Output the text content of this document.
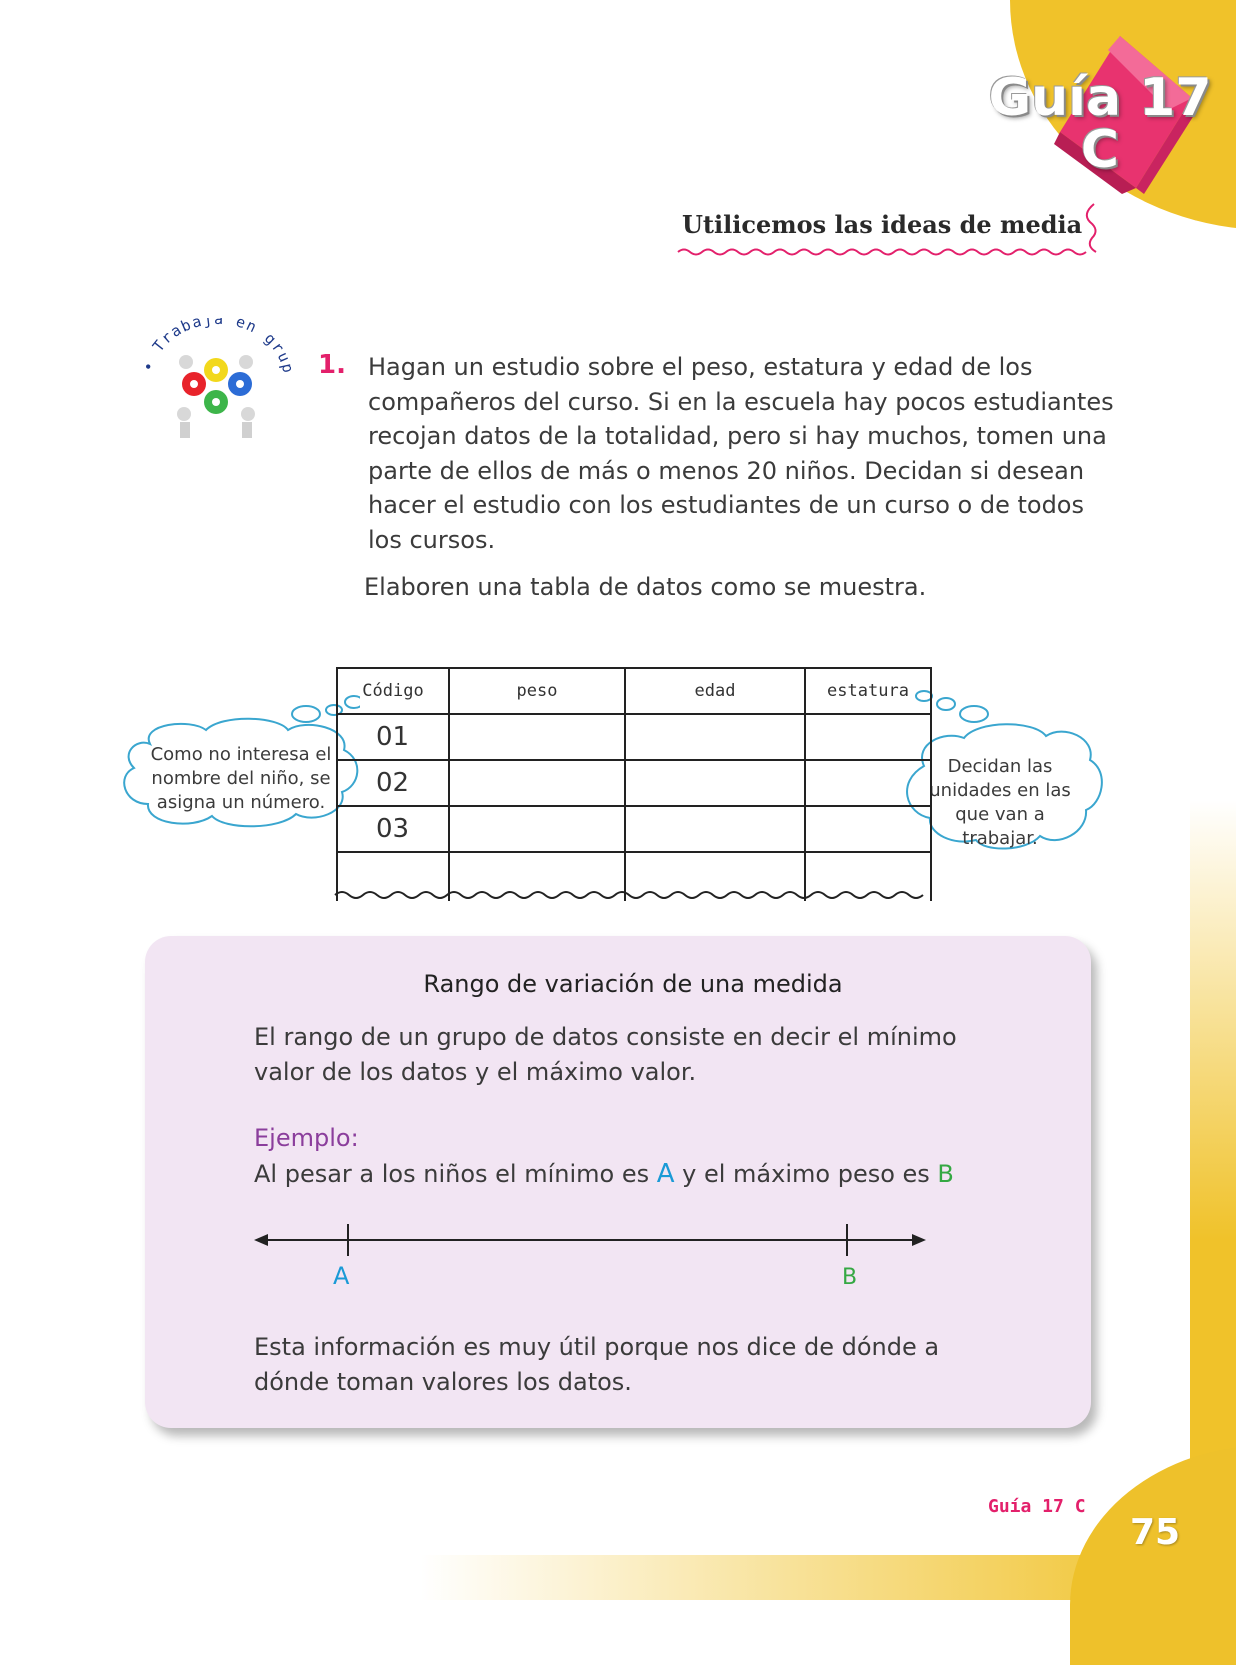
Guía 17
C
Utilicemos las ideas de media
• Trabaja en grup 1. Hagan un estudio sobre el peso, estatura y edad de los compañeros del curso. Si en la escuela hay pocos estudiantes recojan datos de la totalidad, pero si hay muchos, tomen una parte de ellos de más o menos 20 niños. Decidan si desean hacer el estudio con los estudiantes de un curso o de todos los cursos.
Elaboren una tabla de datos como se muestra.
Como no interesa el nombre del niño, se asigna un número.
Decidan las unidades en las que van a trabajar.
Código	peso	edad	estatura
01			
02			
03			

Rango de variación de una medida
El rango de un grupo de datos consiste en decir el mínimo valor de los datos y el máximo valor.
Ejemplo:
Al pesar a los niños el mínimo es A y el máximo peso es B
A	B
Esta información es muy útil porque nos dice de dónde a dónde toman valores los datos.
Guía 17 C
75
